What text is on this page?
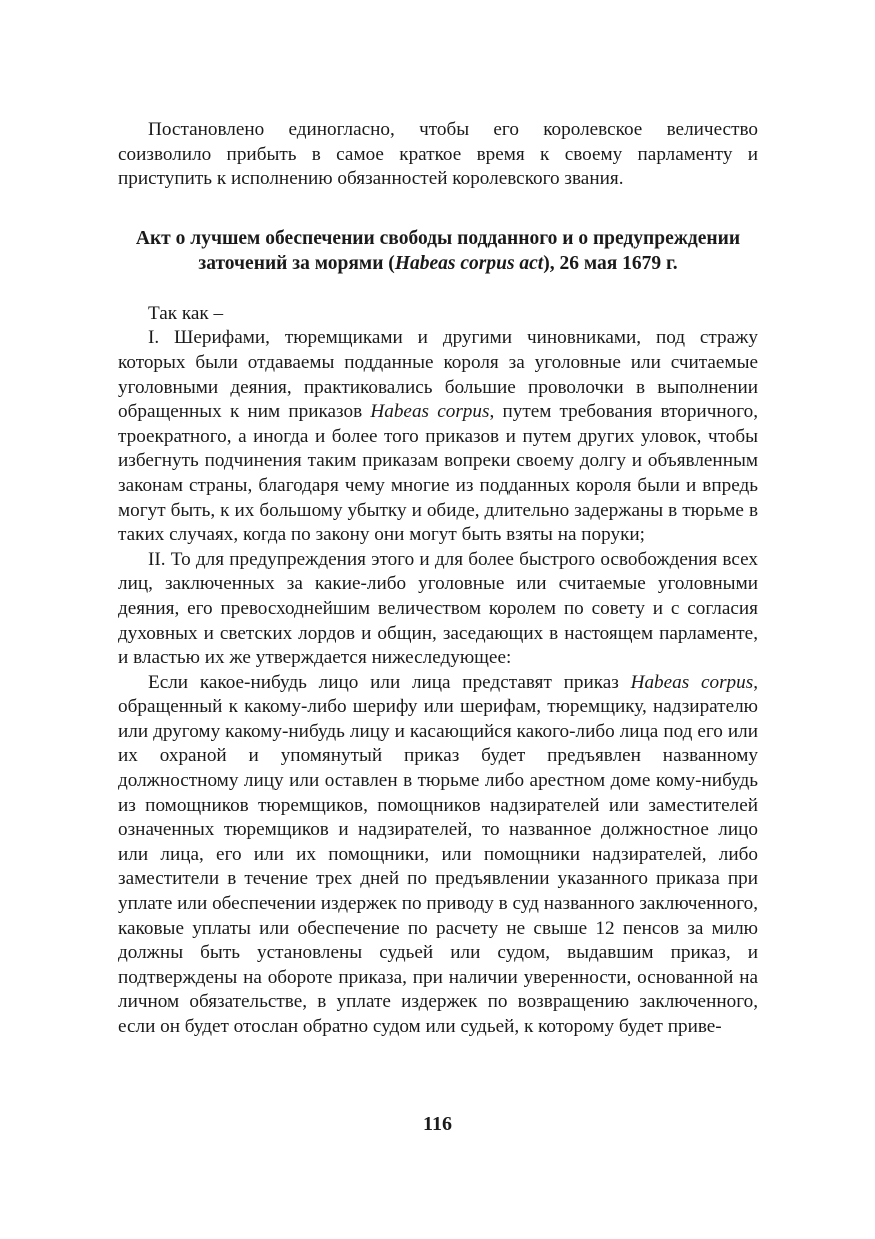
Постановлено единогласно, чтобы его королевское величество соизволило прибыть в самое краткое время к своему парламенту и приступить к исполнению обязанностей королевского звания.

Акт о лучшем обеспечении свободы подданного и о предупреждении заточений за морями (Habeas corpus act), 26 мая 1679 г.

Так как –

I. Шерифами, тюремщиками и другими чиновниками, под стражу которых были отдаваемы подданные короля за уголовные или считаемые уголовными деяния, практиковались большие проволочки в выполнении обращенных к ним приказов Habeas corpus, путем требования вторичного, троекратного, а иногда и более того приказов и путем других уловок, чтобы избегнуть подчинения таким приказам вопреки своему долгу и объявленным законам страны, благодаря чему многие из подданных короля были и впредь могут быть, к их большому убытку и обиде, длительно задержаны в тюрьме в таких случаях, когда по закону они могут быть взяты на поруки;

II. То для предупреждения этого и для более быстрого освобождения всех лиц, заключенных за какие-либо уголовные или считаемые уголовными деяния, его превосходнейшим величеством королем по совету и с согласия духовных и светских лордов и общин, заседающих в настоящем парламенте, и властью их же утверждается нижеследующее:

Если какое-нибудь лицо или лица представят приказ Habeas corpus, обращенный к какому-либо шерифу или шерифам, тюремщику, надзирателю или другому какому-нибудь лицу и касающийся какого-либо лица под его или их охраной и упомянутый приказ будет предъявлен названному должностному лицу или оставлен в тюрьме либо арестном доме кому-нибудь из помощников тюремщиков, помощников надзирателей или заместителей означенных тюремщиков и надзирателей, то названное должностное лицо или лица, его или их помощники, или помощники надзирателей, либо заместители в течение трех дней по предъявлении указанного приказа при уплате или обеспечении издержек по приводу в суд названного заключенного, каковые уплаты или обеспечение по расчету не свыше 12 пенсов за милю должны быть установлены судьей или судом, выдавшим приказ, и подтверждены на обороте приказа, при наличии уверенности, основанной на личном обязательстве, в уплате издержек по возвращению заключенного, если он будет отослан обратно судом или судьей, к которому будет приве-

116
